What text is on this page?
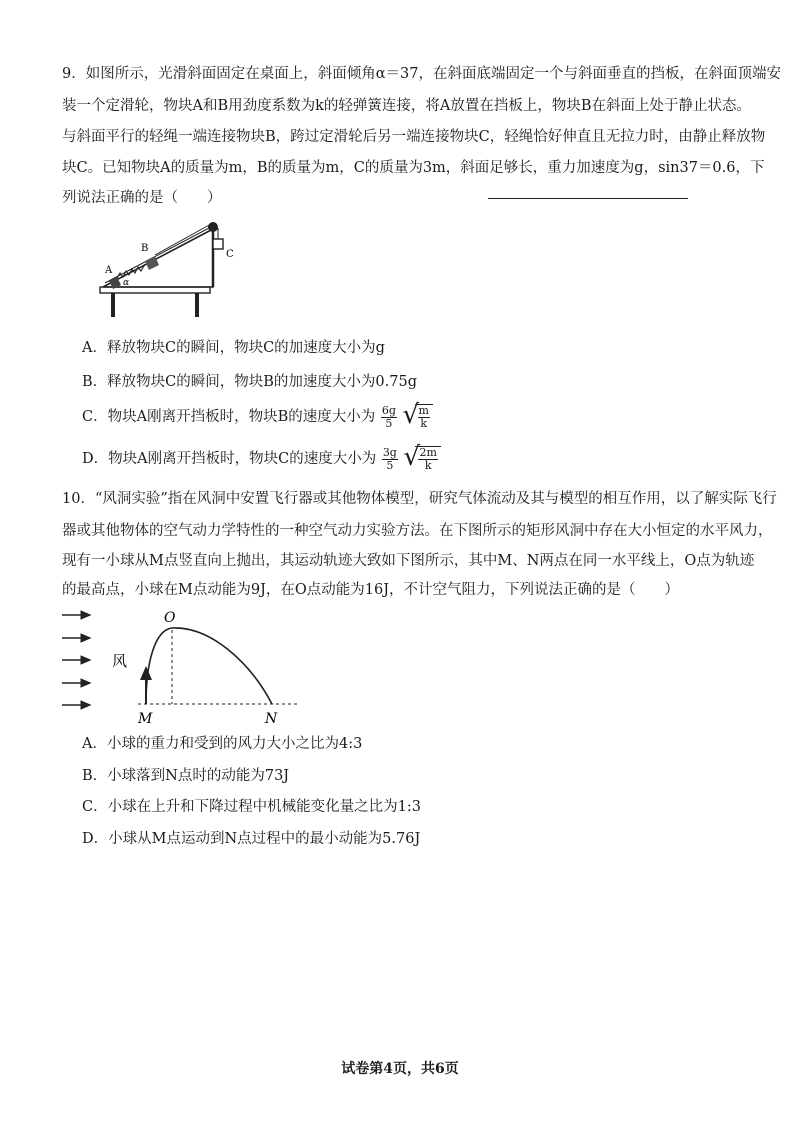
9．如图所示，光滑斜面固定在桌面上，斜面倾角α＝37，在斜面底端固定一个与斜面垂直的挡板，在斜面顶端安
装一个定滑轮，物块A和B用劲度系数为k的轻弹簧连接，将A放置在挡板上，物块B在斜面上处于静止状态。
与斜面平行的轻绳一端连接物块B，跨过定滑轮后另一端连接物块C，轻绳恰好伸直且无拉力时，由静止释放物
块C。已知物块A的质量为m，B的质量为m，C的质量为3m，斜面足够长，重力加速度为g，sin37＝0.6，下
列说法正确的是（　　）
C
B
A
α
A．释放物块C的瞬间，物块C的加速度大小为g
B．释放物块C的瞬间，物块B的加速度大小为0.75g
C．物块A刚离开挡板时，物块B的速度大小为 $\frac{6g}{5}$
√ $\frac{m}{k}$
D．物块A刚离开挡板时，物块C的速度大小为 $\frac{3g}{5}$
√ $\frac{2m}{k}$
10．“风洞实验”指在风洞中安置飞行器或其他物体模型，研究气体流动及其与模型的相互作用，以了解实际飞行
器或其他物体的空气动力学特性的一种空气动力实验方法。在下图所示的矩形风洞中存在大小恒定的水平风力，
现有一小球从M点竖直向上抛出，其运动轨迹大致如下图所示，其中M、N两点在同一水平线上，O点为轨迹
的最高点，小球在M点动能为9J，在O点动能为16J，不计空气阻力，下列说法正确的是（　　）
风
O
M	N
A．小球的重力和受到的风力大小之比为4:3
B．小球落到N点时的动能为73J
C．小球在上升和下降过程中机械能变化量之比为1:3
D．小球从M点运动到N点过程中的最小动能为5.76J
试卷第4页，共6页
